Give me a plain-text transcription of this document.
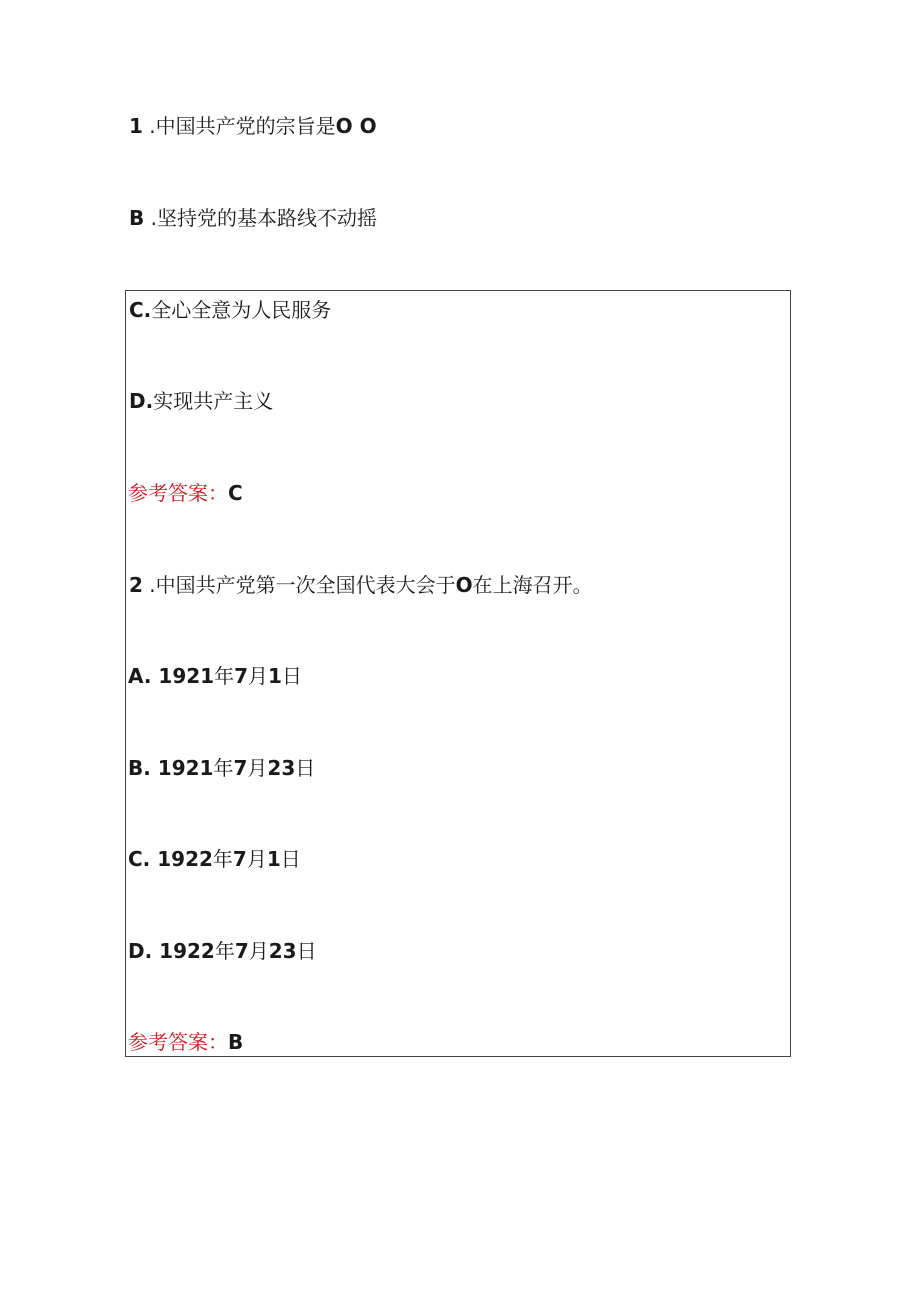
1 .中国共产党的宗旨是O O
B .坚持党的基本路线不动摇
C.全心全意为人民服务
D.实现共产主义
参考答案：C
2 .中国共产党第一次全国代表大会于O在上海召开。
A. 1921年7月1日
B. 1921年7月23日
C. 1922年7月1日
D. 1922年7月23日
参考答案：B
